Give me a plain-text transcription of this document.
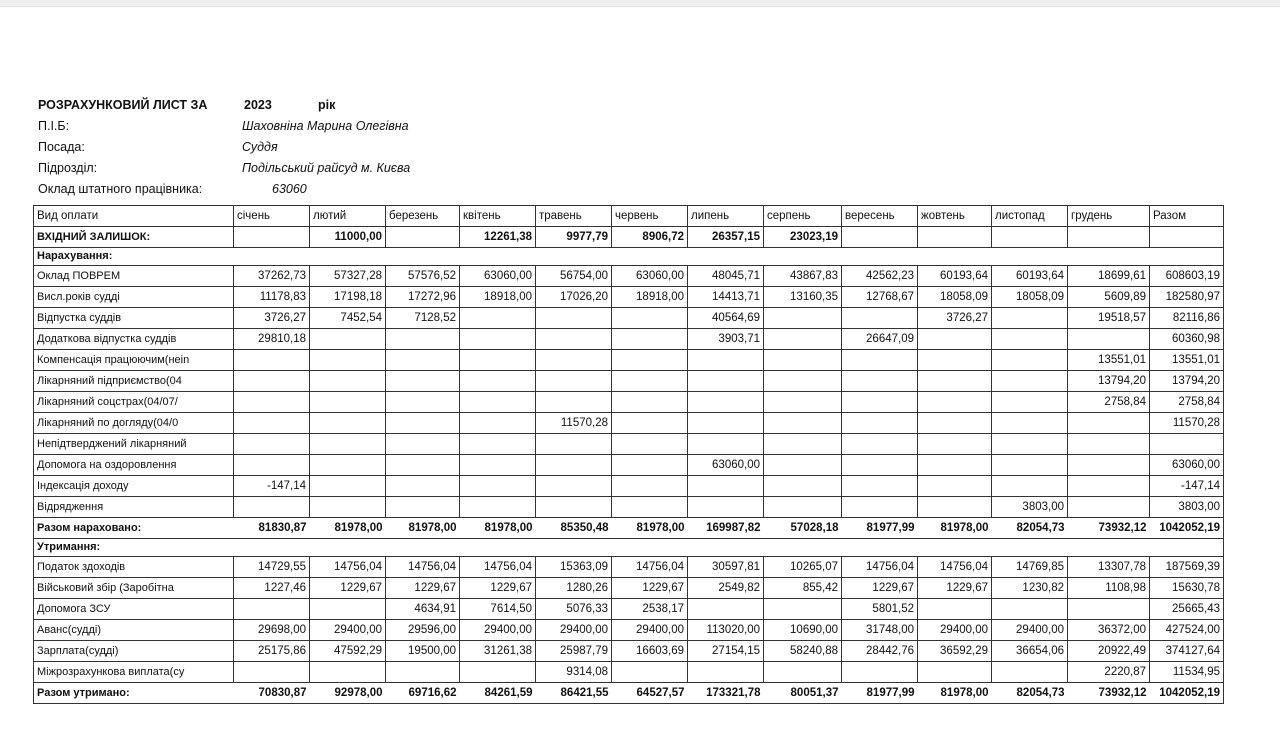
РОЗРАХУНКОВИЙ ЛИСТ ЗА	2023	рік
П.І.Б:	Шаховніна Марина Олегівна
Посада:	Суддя
Підрозділ:	Подільський райсуд м. Києва
Оклад штатного працівника:	63060
Вид оплати	січень	лютий	березень	квітень	травень	червень	липень	серпень	вересень	жовтень	листопад	грудень	Разом
ВХІДНИЙ ЗАЛИШОК:		11000,00		12261,38	9977,79	8906,72	26357,15	23023,19					
Нарахування:													
Оклад ПОВРЕМ	37262,73	57327,28	57576,52	63060,00	56754,00	63060,00	48045,71	43867,83	42562,23	60193,64	60193,64	18699,61	608603,19
Висл.років судді	11178,83	17198,18	17272,96	18918,00	17026,20	18918,00	14413,71	13160,35	12768,67	18058,09	18058,09	5609,89	182580,97
Відпустка суддів	3726,27	7452,54	7128,52				40564,69			3726,27		19518,57	82116,86
Додаткова відпустка суддів	29810,18						3903,71		26647,09				60360,98
Компенсація працюючим(нein												13551,01	13551,01
Лікарняний підприємство(04												13794,20	13794,20
Лікарняний соцстрах(04/07/												2758,84	2758,84
Лікарняний по догляду(04/0					11570,28								11570,28
Непідтверджений лікарняний													
Допомога на оздоровлення							63060,00						63060,00
Індексація доходу	-147,14												-147,14
Відрядження											3803,00		3803,00
Разом нараховано:	81830,87	81978,00	81978,00	81978,00	85350,48	81978,00	169987,82	57028,18	81977,99	81978,00	82054,73	73932,12	1042052,19
Утримання:													
Податок здоходів	14729,55	14756,04	14756,04	14756,04	15363,09	14756,04	30597,81	10265,07	14756,04	14756,04	14769,85	13307,78	187569,39
Військовий збір (Заробітна	1227,46	1229,67	1229,67	1229,67	1280,26	1229,67	2549,82	855,42	1229,67	1229,67	1230,82	1108,98	15630,78
Допомога ЗСУ			4634,91	7614,50	5076,33	2538,17			5801,52				25665,43
Аванс(судді)	29698,00	29400,00	29596,00	29400,00	29400,00	29400,00	113020,00	10690,00	31748,00	29400,00	29400,00	36372,00	427524,00
Зарплата(судді)	25175,86	47592,29	19500,00	31261,38	25987,79	16603,69	27154,15	58240,88	28442,76	36592,29	36654,06	20922,49	374127,64
Міжрозрахункова виплата(су					9314,08							2220,87	11534,95
Разом утримано:	70830,87	92978,00	69716,62	84261,59	86421,55	64527,57	173321,78	80051,37	81977,99	81978,00	82054,73	73932,12	1042052,19
